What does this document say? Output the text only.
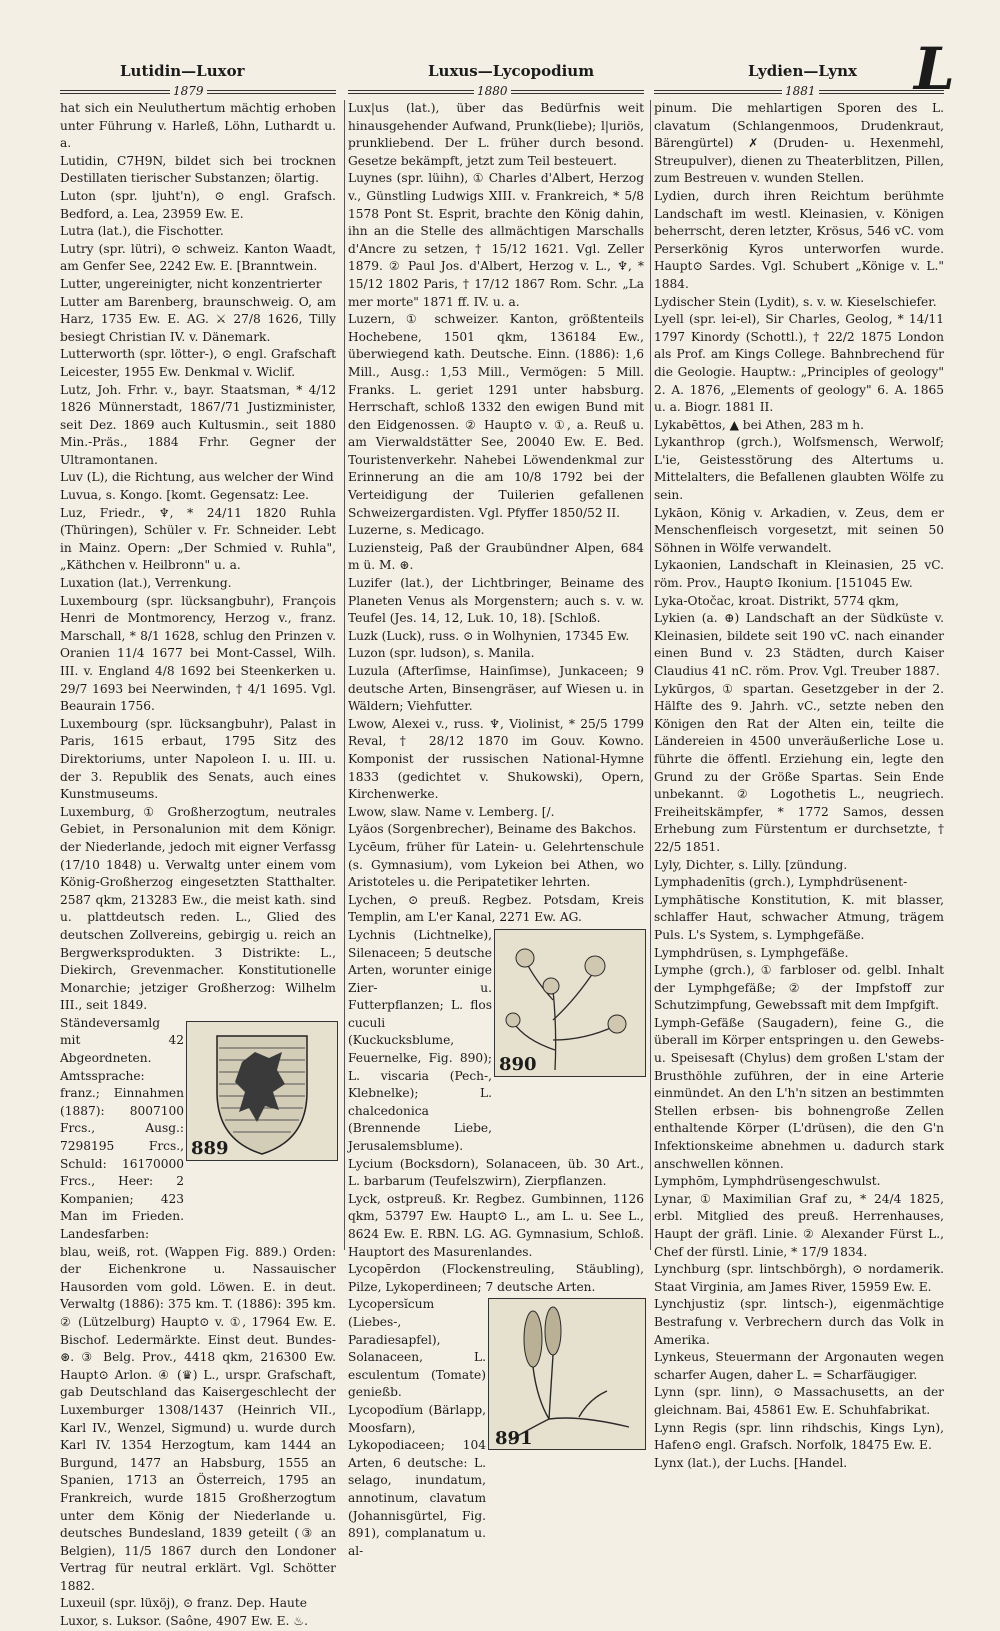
Lutidin—Luxor	Luxus—Lycopodium	Lydien—Lynx
1879	1880	1881 L

hat sich ein Neuluthertum mächtig erhoben unter Führung v. Harleß, Löhn, Luthardt u. a.

Lutidin, C7H9N, bildet sich bei trocknen Destillaten tierischer Substanzen; ölartig.

Luton (spr. ljuht'n), ⊙ engl. Grafsch. Bedford, a. Lea, 23959 Ew. E.

Lutra (lat.), die Fischotter.

Lutry (spr. lütri), ⊙ schweiz. Kanton Waadt, am Genfer See, 2242 Ew. E. [Branntwein.

Lutter, ungereinigter, nicht konzentrierter

Lutter am Barenberg, braunschweig. O, am Harz, 1735 Ew. E. AG. ⚔ 27/8 1626, Tilly besiegt Christian IV. v. Dänemark.

Lutterworth (spr. lötter-), ⊙ engl. Grafschaft Leicester, 1955 Ew. Denkmal v. Wiclif.

Lutz, Joh. Frhr. v., bayr. Staatsman, * 4/12 1826 Münnerstadt, 1867/71 Justizminister, seit Dez. 1869 auch Kultusmin., seit 1880 Min.-Präs., 1884 Frhr. Gegner der Ultramontanen.

Luv (L), die Richtung, aus welcher der Wind

Luvua, s. Kongo. [komt. Gegensatz: Lee.

Luz, Friedr., ♆, * 24/11 1820 Ruhla (Thüringen), Schüler v. Fr. Schneider. Lebt in Mainz. Opern: „Der Schmied v. Ruhla", „Käthchen v. Heilbronn" u. a.

Luxation (lat.), Verrenkung.

Luxembourg (spr. lücksangbuhr), François Henri de Montmorency, Herzog v., franz. Marschall, * 8/1 1628, schlug den Prinzen v. Oranien 11/4 1677 bei Mont-Cassel, Wilh. III. v. England 4/8 1692 bei Steenkerken u. 29/7 1693 bei Neerwinden, † 4/1 1695. Vgl. Beaurain 1756.

Luxembourg (spr. lücksangbuhr), Palast in Paris, 1615 erbaut, 1795 Sitz des Direktoriums, unter Napoleon I. u. III. u. der 3. Republik des Senats, auch eines Kunstmuseums.

Luxemburg, ① Großherzogtum, neutrales Gebiet, in Personalunion mit dem Königr. der Niederlande, jedoch mit eigner Verfassg (17/10 1848) u. Verwaltg unter einem vom König-Großherzog eingesetzten Statthalter. 2587 qkm, 213283 Ew., die meist kath. sind u. plattdeutsch reden. L., Glied des deutschen Zollvereins, gebirgig u. reich an Bergwerksprodukten. 3 Distrikte: L., Diekirch, Grevenmacher. Konstitutionelle Monarchie; jetziger Großherzog: Wilhelm III., seit 1849.

889

Ständeversamlg mit 42 Abgeordneten. Amtssprache: franz.; Einnahmen (1887): 8007100 Frcs., Ausg.: 7298195 Frcs., Schuld: 16170000 Frcs., Heer: 2 Kompanien; 423 Man im Frieden. Landesfarben:

blau, weiß, rot. (Wappen Fig. 889.) Orden: der Eichenkrone u. Nassauischer Hausorden vom gold. Löwen. E. in deut. Verwaltg (1886): 375 km. T. (1886): 395 km. ② (Lützelburg) Haupt⊙ v. ①, 17964 Ew. E. Bischof. Ledermärkte. Einst deut. Bundes-⊛. ③ Belg. Prov., 4418 qkm, 216300 Ew. Haupt⊙ Arlon. ④ (♛) L., urspr. Grafschaft, gab Deutschland das Kaisergeschlecht der Luxemburger 1308/1437 (Heinrich VII., Karl IV., Wenzel, Sigmund) u. wurde durch Karl IV. 1354 Herzogtum, kam 1444 an Burgund, 1477 an Habsburg, 1555 an Spanien, 1713 an Österreich, 1795 an Frankreich, wurde 1815 Großherzogtum unter dem König der Niederlande u. deutsches Bundesland, 1839 geteilt (③ an Belgien), 11/5 1867 durch den Londoner Vertrag für neutral erklärt. Vgl. Schötter 1882.

Luxeuil (spr. lüxöj), ⊙ franz. Dep. Haute

Luxor, s. Luksor. (Saône, 4907 Ew. E. ♨.

Lux|us (lat.), über das Bedürfnis weit hinausgehender Aufwand, Prunk(liebe); l|uriös, prunkliebend. Der L. früher durch besond. Gesetze bekämpft, jetzt zum Teil besteuert.

Luynes (spr. lüihn), ① Charles d'Albert, Herzog v., Günstling Ludwigs XIII. v. Frankreich, * 5/8 1578 Pont St. Esprit, brachte den König dahin, ihn an die Stelle des allmächtigen Marschalls d'Ancre zu setzen, † 15/12 1621. Vgl. Zeller 1879. ② Paul Jos. d'Albert, Herzog v. L., ♆, * 15/12 1802 Paris, † 17/12 1867 Rom. Schr. „La mer morte" 1871 ff. IV. u. a.

Luzern, ① schweizer. Kanton, größtenteils Hochebene, 1501 qkm, 136184 Ew., überwiegend kath. Deutsche. Einn. (1886): 1,6 Mill., Ausg.: 1,53 Mill., Vermögen: 5 Mill. Franks. L. geriet 1291 unter habsburg. Herrschaft, schloß 1332 den ewigen Bund mit den Eidgenossen. ② Haupt⊙ v. ①, a. Reuß u. am Vierwaldstätter See, 20040 Ew. E. Bed. Touristenverkehr. Nahebei Löwendenkmal zur Erinnerung an die am 10/8 1792 bei der Verteidigung der Tuilerien gefallenen Schweizergardisten. Vgl. Pfyffer 1850/52 II.

Luzerne, s. Medicago.

Luziensteig, Paß der Graubündner Alpen, 684 m ü. M. ⊛.

Luzifer (lat.), der Lichtbringer, Beiname des Planeten Venus als Morgenstern; auch s. v. w. Teufel (Jes. 14, 12, Luk. 10, 18). [Schloß.

Luzk (Luck), russ. ⊙ in Wolhynien, 17345 Ew.

Luzon (spr. ludson), s. Manila.

Luzula (Afterſimse, Hainſimse), Junkaceen; 9 deutsche Arten, Binsengräser, auf Wiesen u. in Wäldern; Viehfutter.

Lwow, Alexei v., russ. ♆, Violinist, * 25/5 1799 Reval, † 28/12 1870 im Gouv. Kowno. Komponist der russischen National-Hymne 1833 (gedichtet v. Shukowski), Opern, Kirchenwerke.

Lwow, slaw. Name v. Lemberg. [/.

Lyäos (Sorgenbrecher), Beiname des Bakchos.

Lycēum, früher für Latein- u. Gelehrtenschule (s. Gymnasium), vom Lykeion bei Athen, wo Aristoteles u. die Peripatetiker lehrten.

Lychen, ⊙ preuß. Regbez. Potsdam, Kreis Templin, am L'er Kanal, 2271 Ew. AG.

890

Lychnis (Lichtnelke), Silenaceen; 5 deutsche Arten, worunter einige Zier- u. Futterpflanzen; L. flos cuculi (Kuckucksblume, Feuernelke, Fig. 890); L. viscaria (Pech-, Klebnelke); L. chalcedonica (Brennende Liebe, Jerusalemsblume).

Lycium (Bocksdorn), Solanaceen, üb. 30 Art., L. barbarum (Teufelszwirn), Zierpflanzen.

Lyck, ostpreuß. Kr. Regbez. Gumbinnen, 1126 qkm, 53797 Ew. Haupt⊙ L., am L. u. See L., 8624 Ew. E. RBN. LG. AG. Gymnasium, Schloß. Hauptort des Masurenlandes.

Lycopērdon (Flockenstreuling, Stäubling), Pilze, Lykoperdineen; 7 deutsche Arten.

891

Lycopersĭcum (Liebes-, Paradiesapfel), Solanaceen, L. esculentum (Tomate) genießb.

Lycopodĭum (Bärlapp, Moosfarn), Lykopodiaceen; 104 Arten, 6 deutsche: L. selago, inundatum, annotinum, clavatum (Johannisgürtel, Fig. 891), complanatum u. al-

pinum. Die mehlartigen Sporen des L. clavatum (Schlangenmoos, Drudenkraut, Bärengürtel) ✗ (Druden- u. Hexenmehl, Streupulver), dienen zu Theaterblitzen, Pillen, zum Bestreuen v. wunden Stellen.

Lydien, durch ihren Reichtum berühmte Landschaft im westl. Kleinasien, v. Königen beherrscht, deren letzter, Krösus, 546 vC. vom Perserkönig Kyros unterworfen wurde. Haupt⊙ Sardes. Vgl. Schubert „Könige v. L." 1884.

Lydischer Stein (Lydit), s. v. w. Kieselschiefer.

Lyell (spr. lei-el), Sir Charles, Geolog, * 14/11 1797 Kinordy (Schottl.), † 22/2 1875 London als Prof. am Kings College. Bahnbrechend für die Geologie. Hauptw.: „Principles of geology" 2. A. 1876, „Elements of geology" 6. A. 1865 u. a. Biogr. 1881 II.

Lykabēttos, ▲ bei Athen, 283 m h.

Lykanthrop (grch.), Wolfsmensch, Werwolf; L'ie, Geistesstörung des Altertums u. Mittelalters, die Befallenen glaubten Wölfe zu sein.

Lykāon, König v. Arkadien, v. Zeus, dem er Menschenfleisch vorgesetzt, mit seinen 50 Söhnen in Wölfe verwandelt.

Lykaonien, Landschaft in Kleinasien, 25 vC. röm. Prov., Haupt⊙ Ikonium. [151045 Ew.

Lyka-Otočac, kroat. Distrikt, 5774 qkm,

Lykien (a. ⊕) Landschaft an der Südküste v. Kleinasien, bildete seit 190 vC. nach einander einen Bund v. 23 Städten, durch Kaiser Claudius 41 nC. röm. Prov. Vgl. Treuber 1887.

Lykūrgos, ① spartan. Gesetzgeber in der 2. Hälfte des 9. Jahrh. vC., setzte neben den Königen den Rat der Alten ein, teilte die Ländereien in 4500 unveräußerliche Lose u. führte die öffentl. Erziehung ein, legte den Grund zu der Größe Spartas. Sein Ende unbekannt. ② Logothetis L., neugriech. Freiheitskämpfer, * 1772 Samos, dessen Erhebung zum Fürstentum er durchsetzte, † 22/5 1851.

Lyly, Dichter, s. Lilly. [zündung.

Lymphadenītis (grch.), Lymphdrüsenent-

Lymphātische Konstitution, K. mit blasser, schlaffer Haut, schwacher Atmung, trägem Puls. L's System, s. Lymphgefäße.

Lymphdrüsen, s. Lymphgefäße.

Lymphe (grch.), ① farbloser od. gelbl. Inhalt der Lymphgefäße; ② der Impfstoff zur Schutzimpfung, Gewebssaft mit dem Impfgift.

Lymph-Gefäße (Saugadern), feine G., die überall im Körper entspringen u. den Gewebs- u. Speisesaft (Chylus) dem großen L'stam der Brusthöhle zuführen, der in eine Arterie einmündet. An den L'h'n sitzen an bestimmten Stellen erbsen- bis bohnengroße Zellen enthaltende Körper (L'drüsen), die den G'n Infektionskeime abnehmen u. dadurch stark anschwellen können.

Lymphōm, Lymphdrüsengeschwulst.

Lynar, ① Maximilian Graf zu, * 24/4 1825, erbl. Mitglied des preuß. Herrenhauses, Haupt der gräfl. Linie. ② Alexander Fürst L., Chef der fürstl. Linie, * 17/9 1834.

Lynchburg (spr. lintschbörgh), ⊙ nordamerik. Staat Virginia, am James River, 15959 Ew. E.

Lynchjustiz (spr. lintsch-), eigenmächtige Bestrafung v. Verbrechern durch das Volk in Amerika.

Lynkeus, Steuermann der Argonauten wegen scharfer Augen, daher L. = Scharfäugiger.

Lynn (spr. linn), ⊙ Massachusetts, an der gleichnam. Bai, 45861 Ew. E. Schuhfabrikat.

Lynn Regis (spr. linn rihdschis, Kings Lyn), Hafen⊙ engl. Grafsch. Norfolk, 18475 Ew. E.

Lynx (lat.), der Luchs. [Handel.
